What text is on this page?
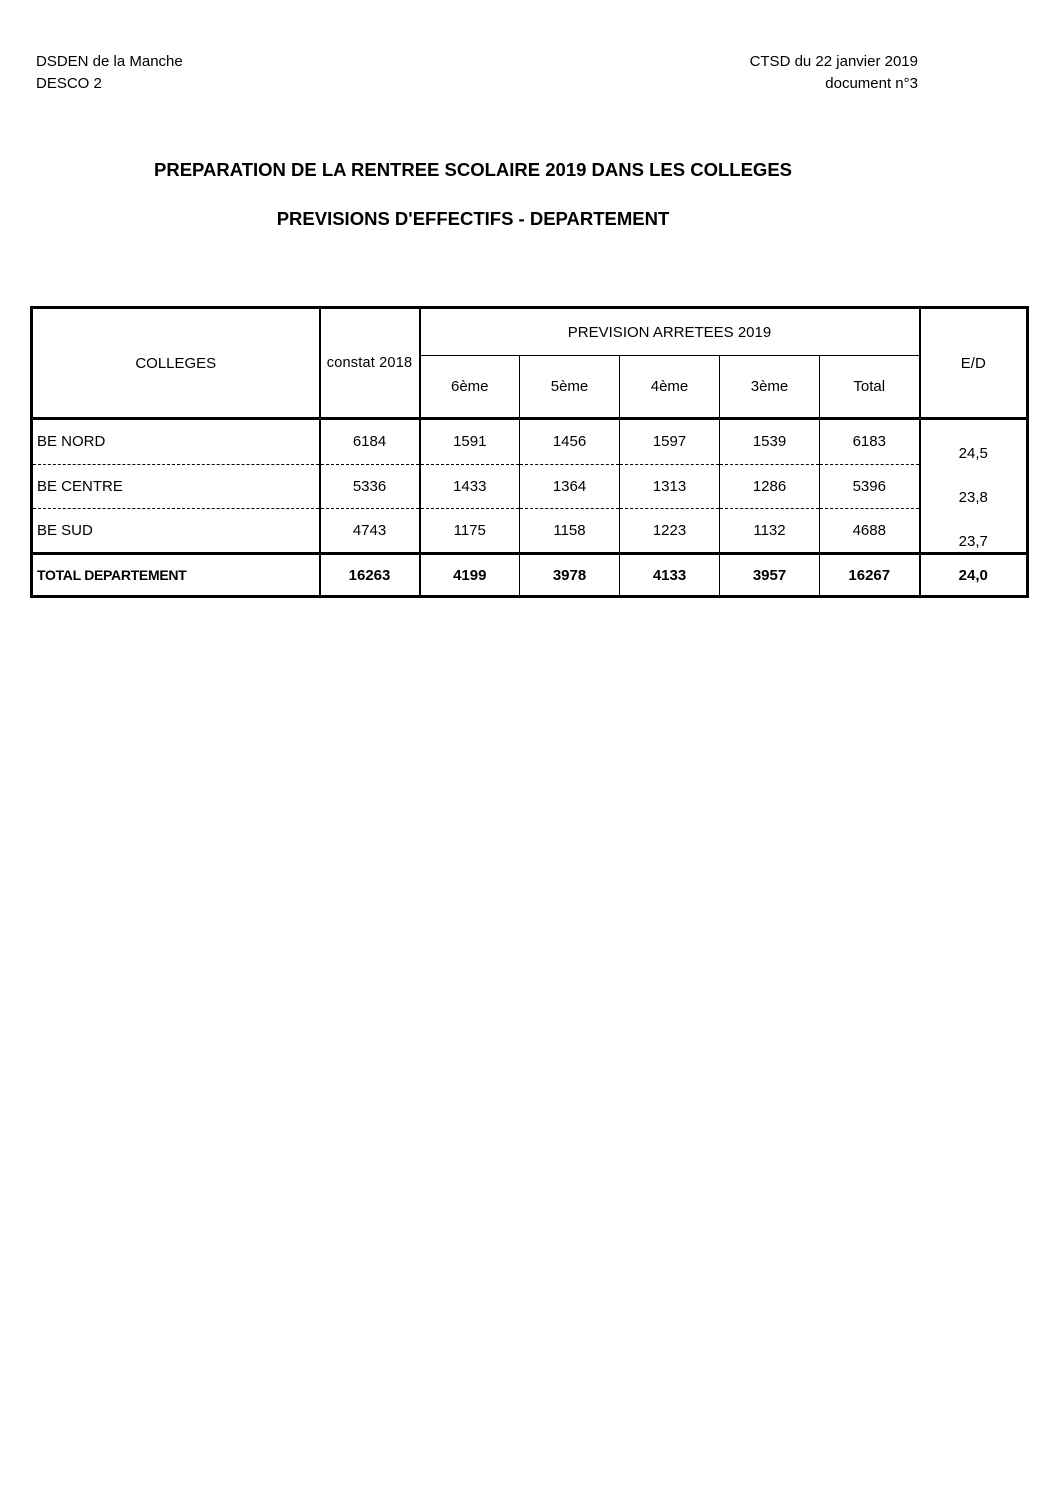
DSDEN de la Manche
DESCO 2
CTSD du 22 janvier 2019
document n°3
PREPARATION DE LA RENTREE SCOLAIRE 2019 DANS LES COLLEGES
PREVISIONS D'EFFECTIFS - DEPARTEMENT
COLLEGES	constat 2018	PREVISION ARRETEES 2019					E/D
		6ème	5ème	4ème	3ème	Total	
BE NORD	6184	1591	1456	1597	1539	6183	24,5
BE CENTRE	5336	1433	1364	1313	1286	5396	23,8
BE SUD	4743	1175	1158	1223	1132	4688	23,7
TOTAL DEPARTEMENT	16263	4199	3978	4133	3957	16267	24,0
